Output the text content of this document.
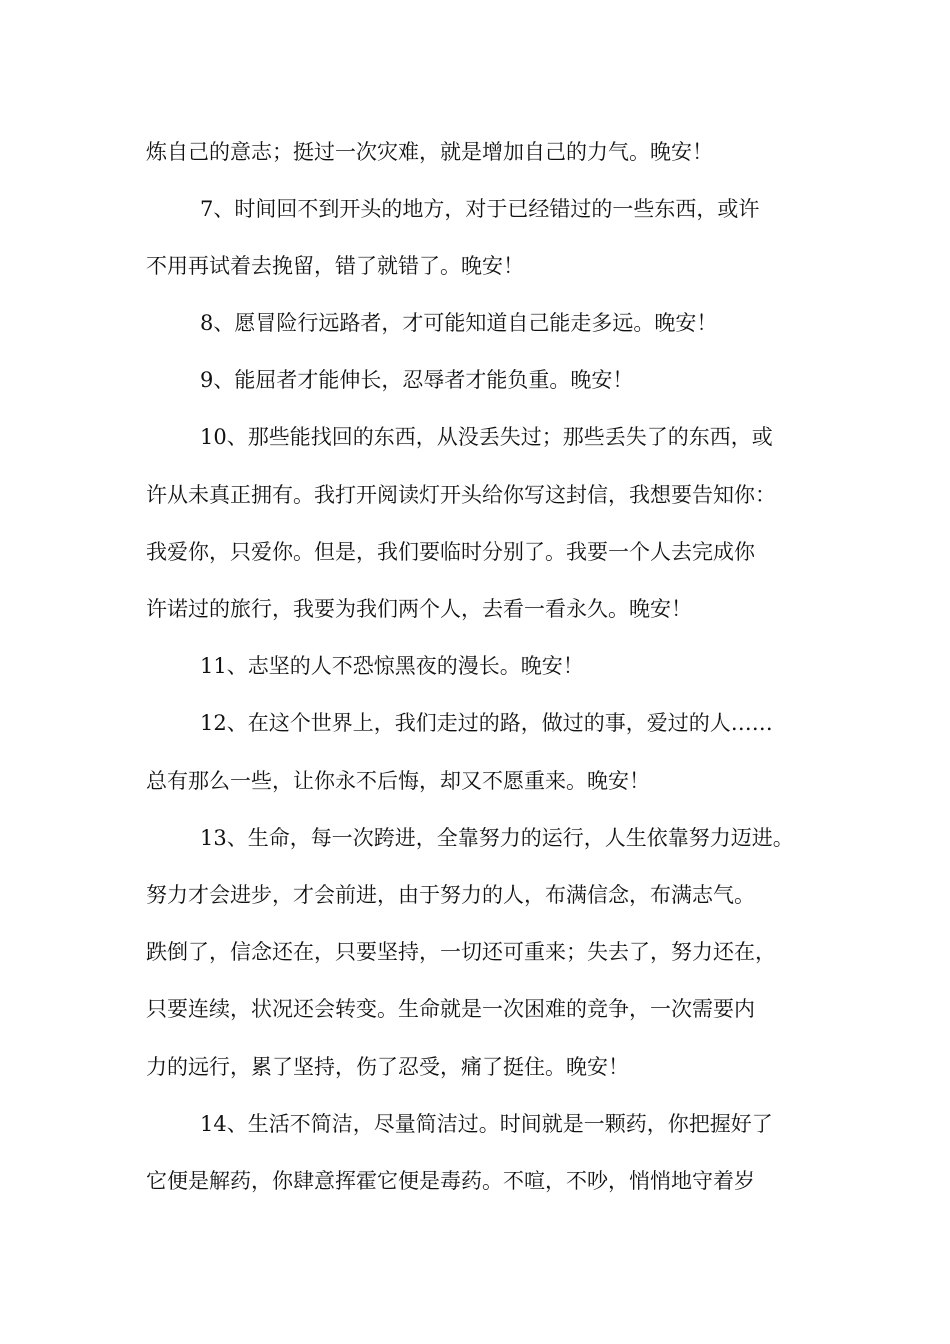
炼自己的意志；挺过一次灾难，就是增加自己的力气。晚安！

7、时间回不到开头的地方，对于已经错过的一些东西，或许

不用再试着去挽留，错了就错了。晚安！

8、愿冒险行远路者，才可能知道自己能走多远。晚安！

9、能屈者才能伸长，忍辱者才能负重。晚安！

10、那些能找回的东西，从没丢失过；那些丢失了的东西，或

许从未真正拥有。我打开阅读灯开头给你写这封信，我想要告知你：

我爱你，只爱你。但是，我们要临时分别了。我要一个人去完成你

许诺过的旅行，我要为我们两个人，去看一看永久。晚安！

11、志坚的人不恐惊黑夜的漫长。晚安！

12、在这个世界上，我们走过的路，做过的事，爱过的人……

总有那么一些，让你永不后悔，却又不愿重来。晚安！

13、生命，每一次跨进，全靠努力的运行，人生依靠努力迈进。

努力才会进步，才会前进，由于努力的人，布满信念，布满志气。

跌倒了，信念还在，只要坚持，一切还可重来；失去了，努力还在，

只要连续，状况还会转变。生命就是一次困难的竞争，一次需要内

力的远行，累了坚持，伤了忍受，痛了挺住。晚安！

14、生活不简洁，尽量简洁过。时间就是一颗药，你把握好了

它便是解药，你肆意挥霍它便是毒药。不喧，不吵，悄悄地守着岁
